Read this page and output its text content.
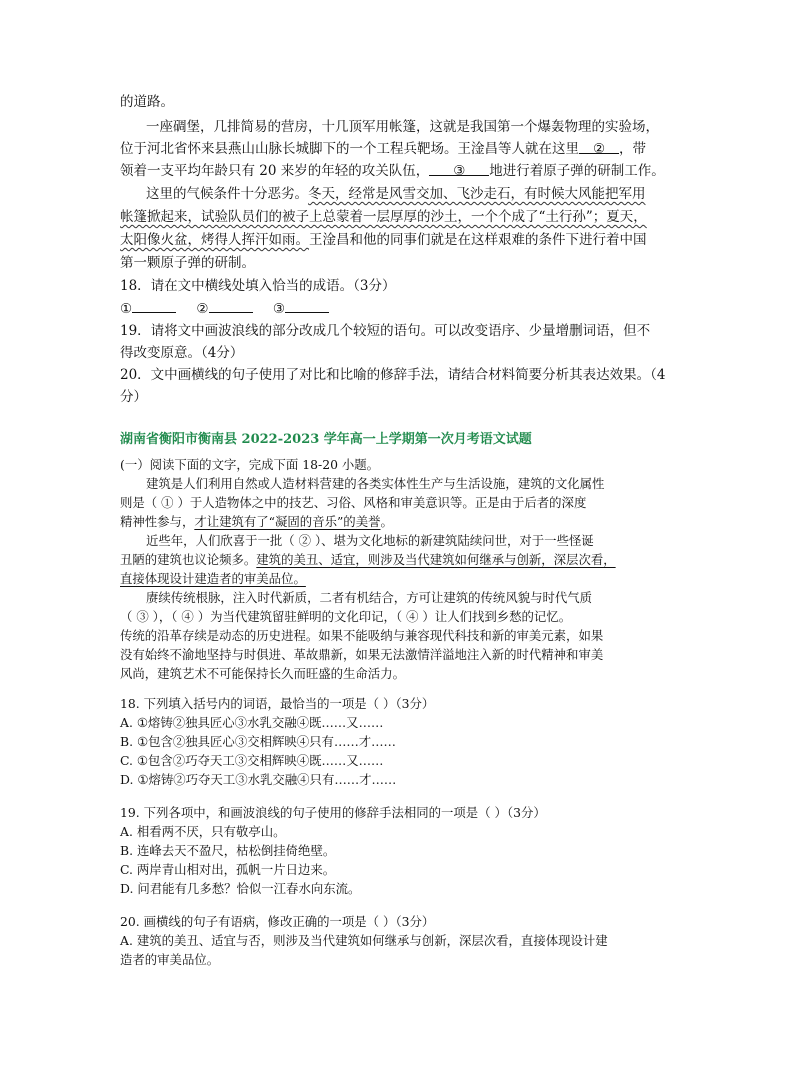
的道路。
一座碉堡，几排简易的营房，十几顶军用帐篷，这就是我国第一个爆轰物理的实验场，
位于河北省怀来县燕山山脉长城脚下的一个工程兵靶场。王淦昌等人就在这里 ② ，带
领着一支平均年龄只有 20 来岁的年轻的攻关队伍， ③ 地进行着原子弹的研制工作。
这里的气候条件十分恶劣。冬天，经常是风雪交加、飞沙走石，有时候大风能把军用
帐篷掀起来，试验队员们的被子上总蒙着一层厚厚的沙土，一个个成了“土行孙”；夏天，
太阳像火盆，烤得人挥汗如雨。王淦昌和他的同事们就是在这样艰难的条件下进行着中国
第一颗原子弹的研制。
18．请在文中横线处填入恰当的成语。（3分）
①	②	③
19．请将文中画波浪线的部分改成几个较短的语句。可以改变语序、少量增删词语，但不
得改变原意。（4分）
20．文中画横线的句子使用了对比和比喻的修辞手法，请结合材料简要分析其表达效果。（4
分）
湖南省衡阳市衡南县 2022-2023 学年高一上学期第一次月考语文试题
(一）阅读下面的文字，完成下面 18-20 小题。
建筑是人们利用自然或人造材料营建的各类实体性生产与生活设施，建筑的文化属性
则是（ ① ）于人造物体之中的技艺、习俗、风格和审美意识等。正是由于后者的深度
精神性参与，才让建筑有了“凝固的音乐”的美誉。
近些年，人们欣喜于一批（ ② ）、堪为文化地标的新建筑陆续问世，对于一些怪诞
丑陋的建筑也议论频多。建筑的美丑、适宜，则涉及当代建筑如何继承与创新，深层次看，
直接体现设计建造者的审美品位。
赓续传统根脉，注入时代新质，二者有机结合，方可让建筑的传统风貌与时代气质
（ ③ ），（ ④ ）为当代建筑留驻鲜明的文化印记，（ ④ ）让人们找到乡愁的记忆。
传统的沿革存续是动态的历史进程。如果不能吸纳与兼容现代科技和新的审美元素，如果
没有始终不渝地坚持与时俱进、革故鼎新，如果无法激情洋溢地注入新的时代精神和审美
风尚，建筑艺术不可能保持长久而旺盛的生命活力。
18. 下列填入括号内的词语，最恰当的一项是（ ）（3分）
A. ①熔铸②独具匠心③水乳交融④既……又……
B. ①包含②独具匠心③交相辉映④只有……才……
C. ①包含②巧夺天工③交相辉映④既……又……
D. ①熔铸②巧夺天工③水乳交融④只有……才……
19. 下列各项中，和画波浪线的句子使用的修辞手法相同的一项是（ ）（3分）
A. 相看两不厌，只有敬亭山。
B. 连峰去天不盈尺，枯松倒挂倚绝壁。
C. 两岸青山相对出，孤帆一片日边来。
D. 问君能有几多愁？恰似一江春水向东流。
20. 画横线的句子有语病，修改正确的一项是（ ）（3分）
A. 建筑的美丑、适宜与否，则涉及当代建筑如何继承与创新，深层次看，直接体现设计建
造者的审美品位。
